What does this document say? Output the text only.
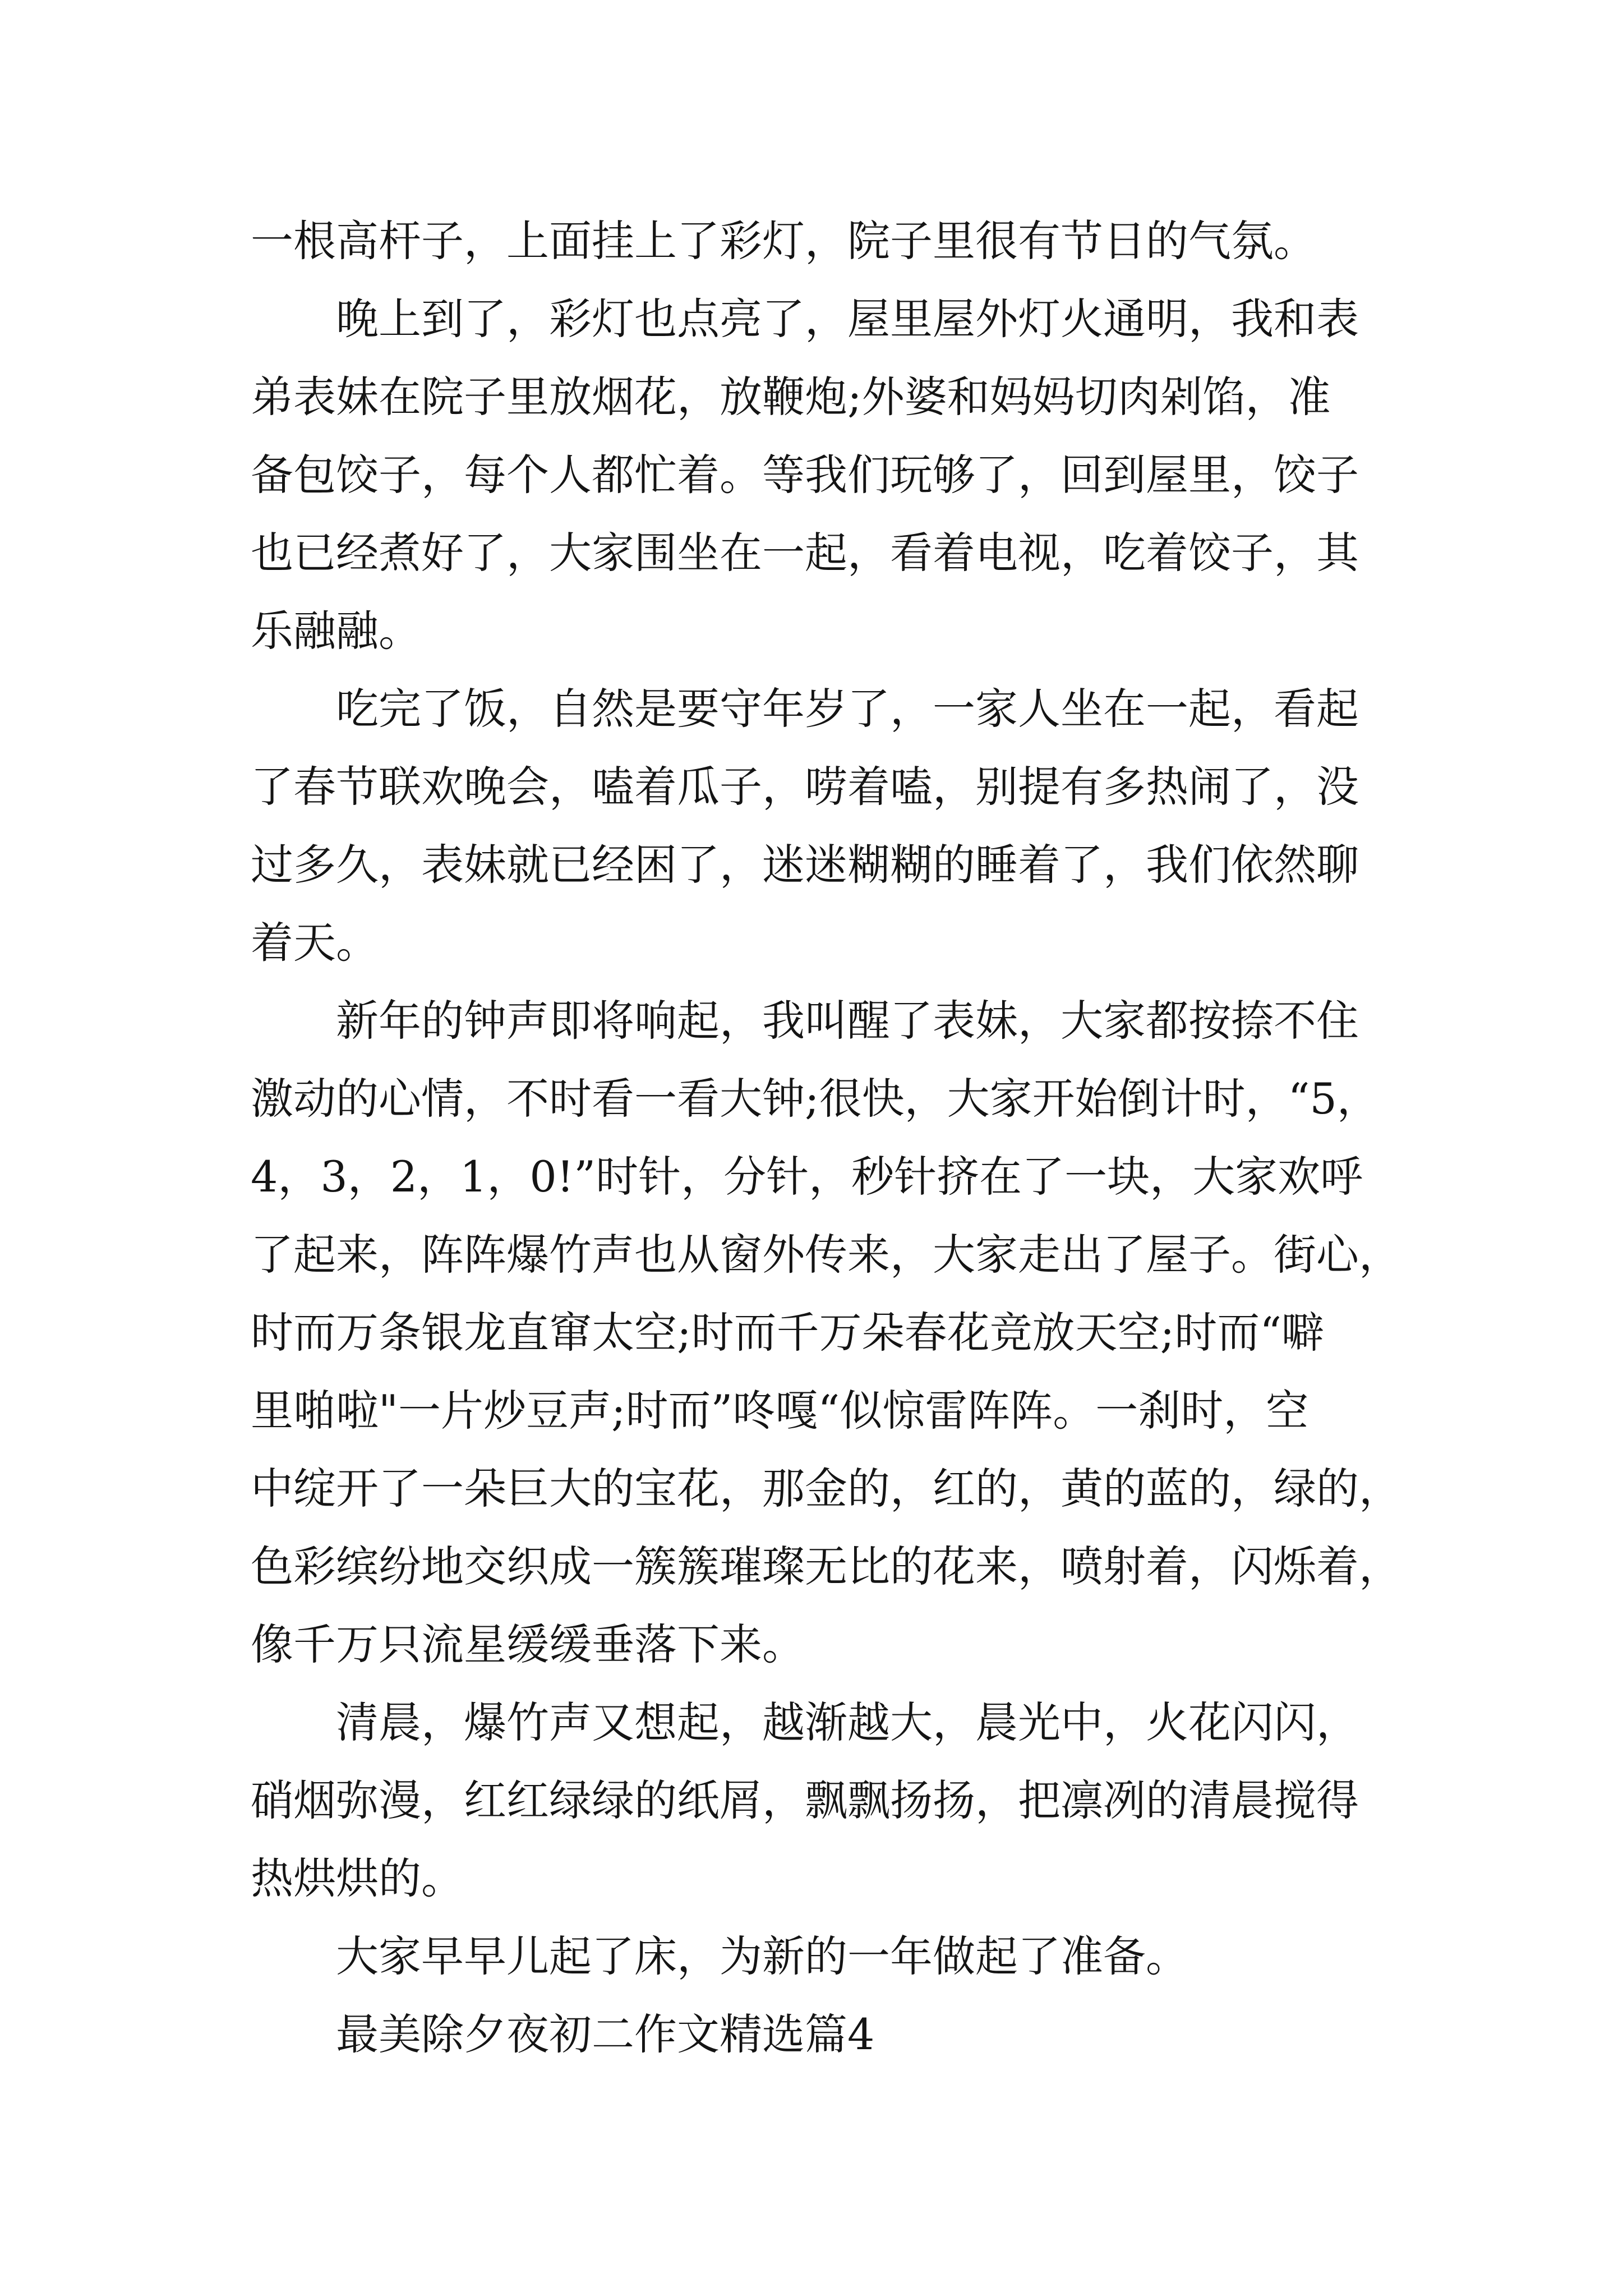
一根高杆子，上面挂上了彩灯，院子里很有节日的气氛。
晚上到了，彩灯也点亮了，屋里屋外灯火通明，我和表
弟表妹在院子里放烟花，放鞭炮;外婆和妈妈切肉剁馅，准
备包饺子，每个人都忙着。等我们玩够了，回到屋里，饺子
也已经煮好了，大家围坐在一起，看着电视，吃着饺子，其
乐融融。
吃完了饭，自然是要守年岁了，一家人坐在一起，看起
了春节联欢晚会，嗑着瓜子，唠着嗑，别提有多热闹了，没
过多久，表妹就已经困了，迷迷糊糊的睡着了，我们依然聊
着天。
新年的钟声即将响起，我叫醒了表妹，大家都按捺不住
激动的心情，不时看一看大钟;很快，大家开始倒计时，“5，
4，3，2，1，0!”时针，分针，秒针挤在了一块，大家欢呼
了起来，阵阵爆竹声也从窗外传来，大家走出了屋子。街心，
时而万条银龙直窜太空;时而千万朵春花竞放天空;时而“噼
里啪啦"一片炒豆声;时而”咚嘎“似惊雷阵阵。一刹时，空
中绽开了一朵巨大的宝花，那金的，红的，黄的蓝的，绿的，
色彩缤纷地交织成一簇簇璀璨无比的花来，喷射着，闪烁着，
像千万只流星缓缓垂落下来。
清晨，爆竹声又想起，越渐越大，晨光中，火花闪闪，
硝烟弥漫，红红绿绿的纸屑，飘飘扬扬，把凛冽的清晨搅得
热烘烘的。
大家早早儿起了床，为新的一年做起了准备。
最美除夕夜初二作文精选篇4
